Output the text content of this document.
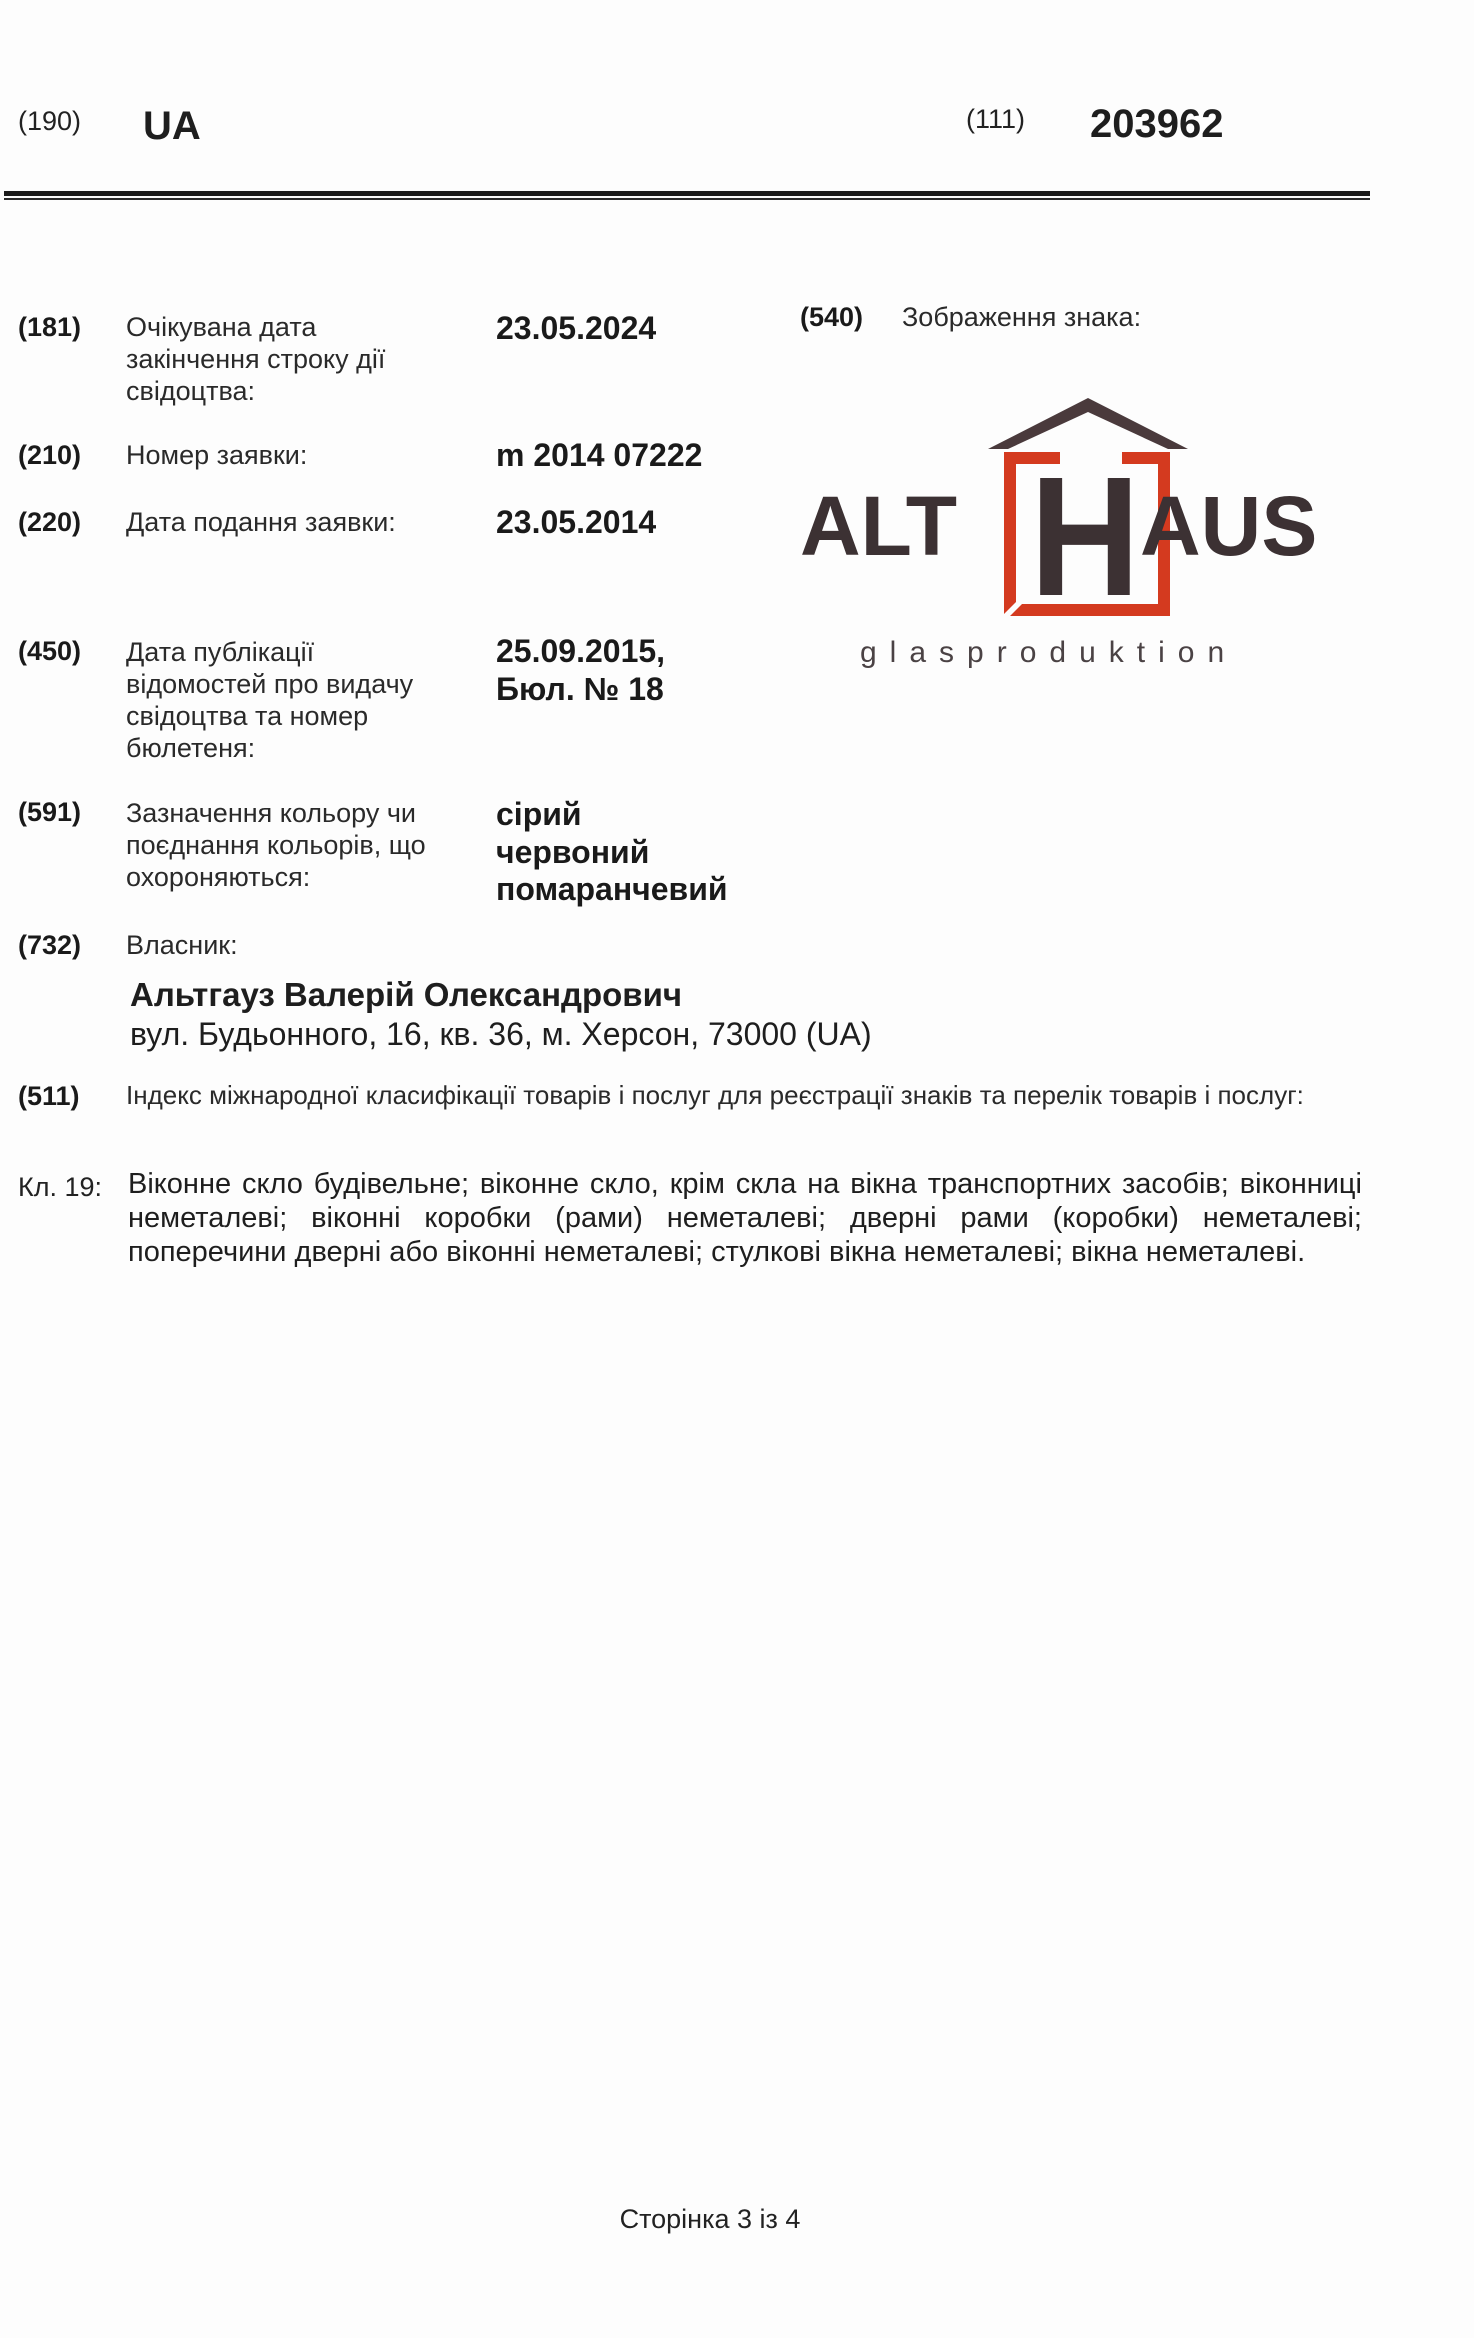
(190) UA	(111) 203962
(181) Очікувана дата закінчення строку дії свідоцтва:
23.05.2024
(210) Номер заявки:	m 2014 07222
(220) Дата подання заявки:	23.05.2014
(450) Дата публікації відомостей про видачу свідоцтва та номер бюлетеня:
25.09.2015,
Бюл. № 18
(591) Зазначення кольору чи поєднання кольорів, що охороняються:
сірий
червоний
помаранчевий
(732) Власник:
Альтгауз Валерій Олександрович
вул. Будьонного, 16, кв. 36, м. Херсон, 73000 (UA)
(540) Зображення знака:
ALT H AUS
glasproduktion
(511) Індекс міжнародної класифікації товарів і послуг для реєстрації знаків та перелік товарів і послуг:
Кл. 19: Віконне скло будівельне; віконне скло, крім скла на вікна транспортних засобів; віконниці неметалеві; віконні коробки (рами) неметалеві; дверні рами (коробки) неметалеві; поперечини дверні або віконні неметалеві; стулкові вікна неметалеві; вікна неметалеві.
Сторінка 3 із 4
